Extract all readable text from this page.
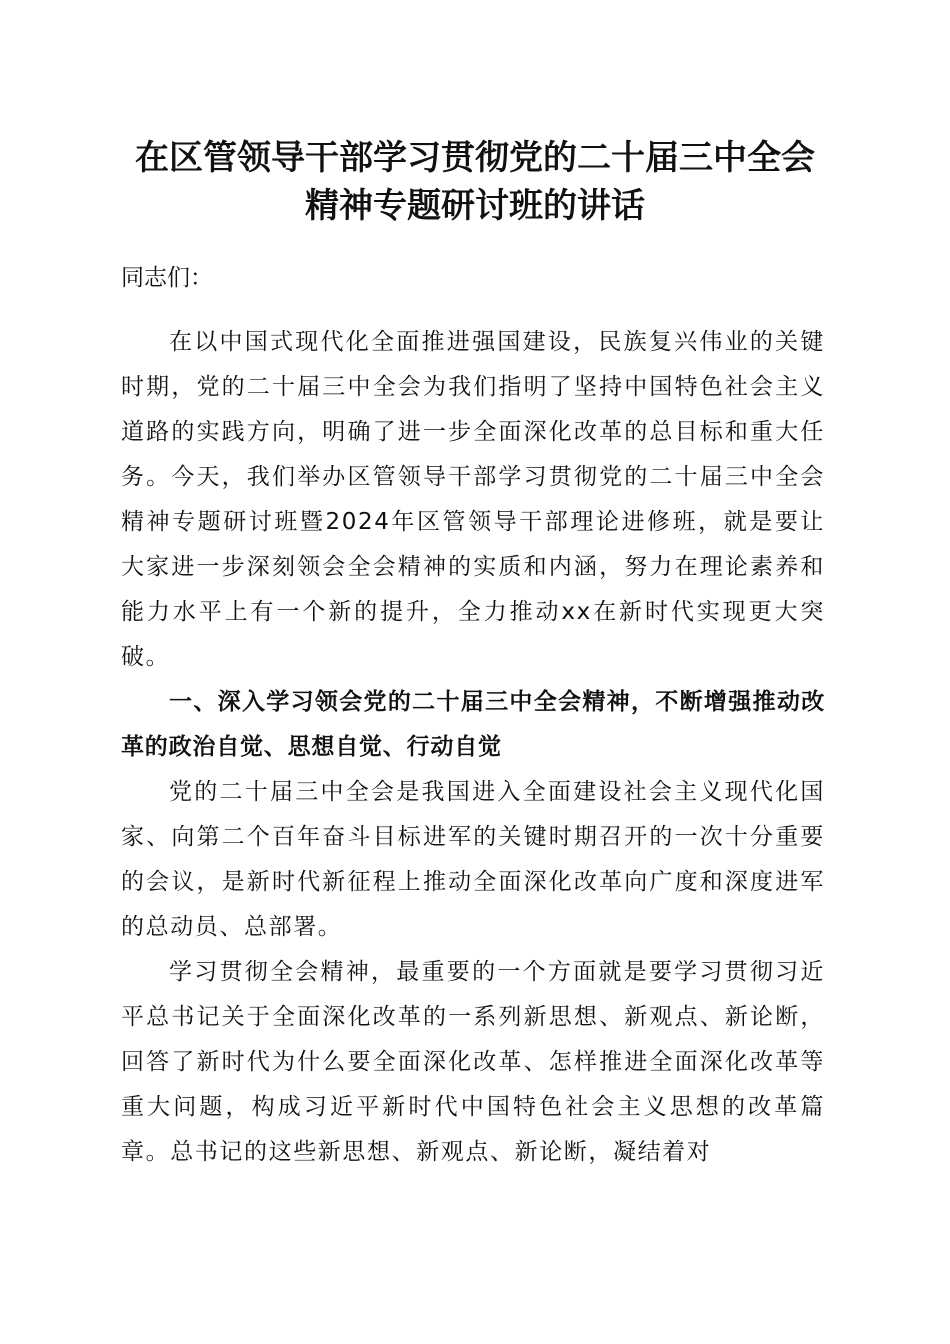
在区管领导干部学习贯彻党的二十届三中全会
精神专题研讨班的讲话
同志们：
在以中国式现代化全面推进强国建设，民族复兴伟业的关键时期，党的二十届三中全会为我们指明了坚持中国特色社会主义道路的实践方向，明确了进一步全面深化改革的总目标和重大任务。今天，我们举办区管领导干部学习贯彻党的二十届三中全会精神专题研讨班暨2024年区管领导干部理论进修班，就是要让大家进一步深刻领会全会精神的实质和内涵，努力在理论素养和能力水平上有一个新的提升，全力推动xx在新时代实现更大突破。
一、深入学习领会党的二十届三中全会精神，不断增强推动改革的政治自觉、思想自觉、行动自觉
党的二十届三中全会是我国进入全面建设社会主义现代化国家、向第二个百年奋斗目标进军的关键时期召开的一次十分重要的会议，是新时代新征程上推动全面深化改革向广度和深度进军的总动员、总部署。
学习贯彻全会精神，最重要的一个方面就是要学习贯彻习近平总书记关于全面深化改革的一系列新思想、新观点、新论断，回答了新时代为什么要全面深化改革、怎样推进全面深化改革等重大问题，构成习近平新时代中国特色社会主义思想的改革篇章。总书记的这些新思想、新观点、新论断，凝结着对
